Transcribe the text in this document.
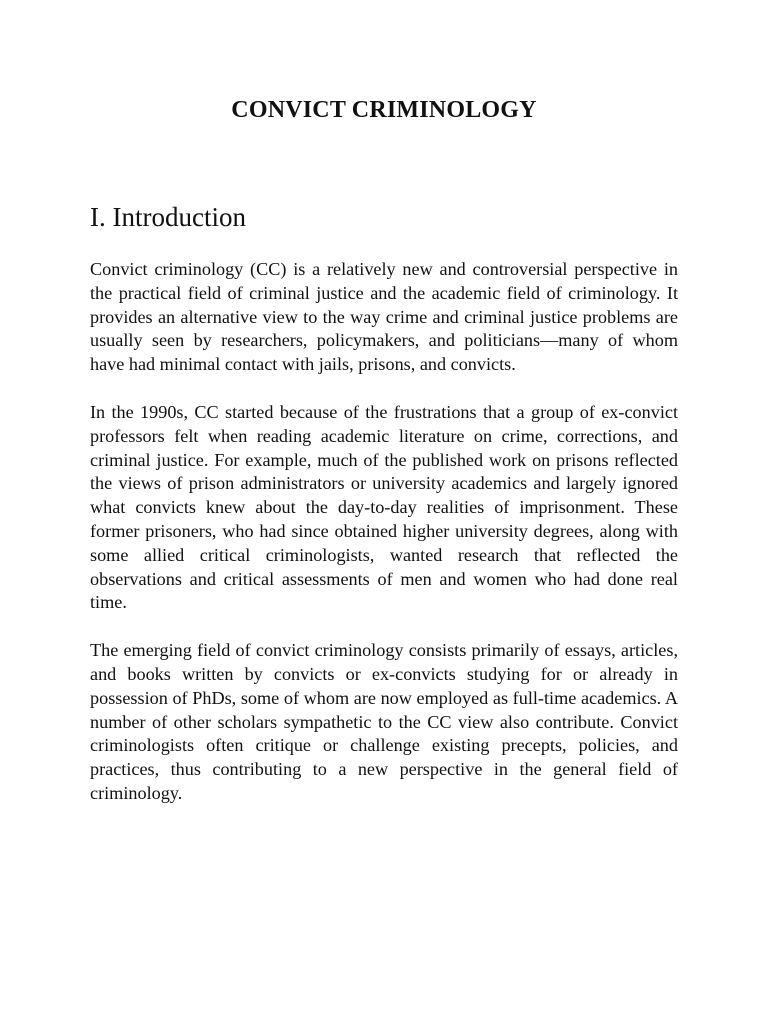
CONVICT CRIMINOLOGY
I. Introduction

Convict criminology (CC) is a relatively new and controversial perspective in the practical field of criminal justice and the academic field of criminology. It provides an alternative view to the way crime and criminal justice problems are usually seen by researchers, policymakers, and politicians—many of whom have had minimal contact with jails, prisons, and convicts.

In the 1990s, CC started because of the frustrations that a group of ex-convict professors felt when reading academic literature on crime, corrections, and criminal justice. For example, much of the published work on prisons reflected the views of prison administrators or university academics and largely ignored what convicts knew about the day-to-day realities of imprisonment. These former prisoners, who had since obtained higher university degrees, along with some allied critical criminologists, wanted research that reflected the observations and critical assessments of men and women who had done real time.

The emerging field of convict criminology consists primarily of essays, articles, and books written by convicts or ex-convicts studying for or already in possession of PhDs, some of whom are now employed as full-time academics. A number of other scholars sympathetic to the CC view also contribute. Convict criminologists often critique or challenge existing precepts, policies, and practices, thus contributing to a new perspective in the general field of criminology.
